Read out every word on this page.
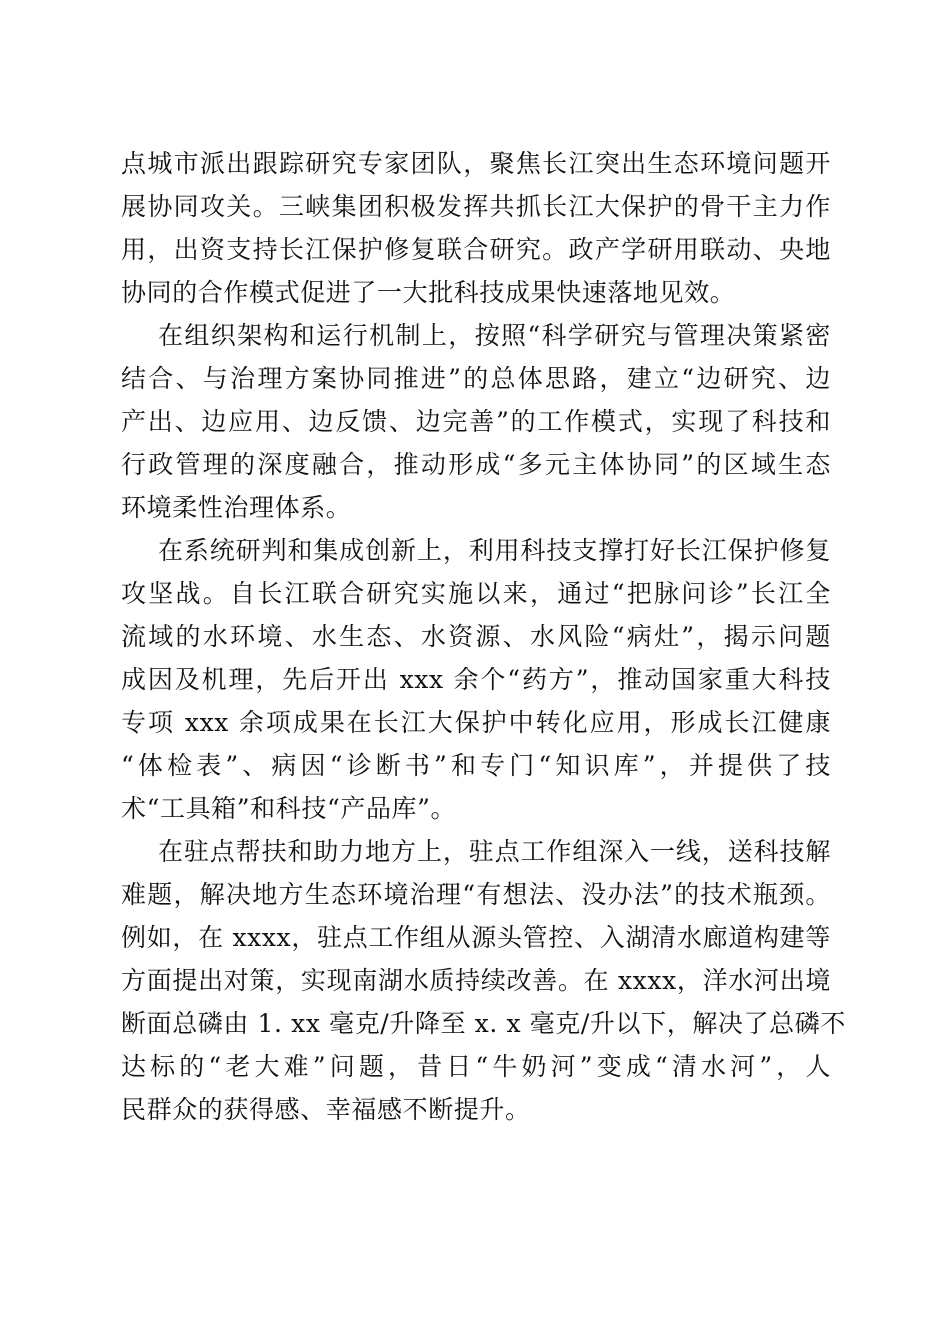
点城市派出跟踪研究专家团队，聚焦长江突出生态环境问题开
展协同攻关。三峡集团积极发挥共抓长江大保护的骨干主力作
用，出资支持长江保护修复联合研究。政产学研用联动、央地
协同的合作模式促进了一大批科技成果快速落地见效。
在组织架构和运行机制上，按照“科学研究与管理决策紧密
结合、与治理方案协同推进”的总体思路，建立“边研究、边
产出、边应用、边反馈、边完善”的工作模式，实现了科技和
行政管理的深度融合，推动形成“多元主体协同”的区域生态
环境柔性治理体系。
在系统研判和集成创新上，利用科技支撑打好长江保护修复
攻坚战。自长江联合研究实施以来，通过“把脉问诊”长江全
流域的水环境、水生态、水资源、水风险“病灶”，揭示问题
成因及机理，先后开出 xxx 余个“药方”，推动国家重大科技
专项 xxx 余项成果在长江大保护中转化应用，形成长江健康
“体检表”、病因“诊断书”和专门“知识库”，并提供了技
术“工具箱”和科技“产品库”。
在驻点帮扶和助力地方上，驻点工作组深入一线，送科技解
难题，解决地方生态环境治理“有想法、没办法”的技术瓶颈。
例如，在 xxxx，驻点工作组从源头管控、入湖清水廊道构建等
方面提出对策，实现南湖水质持续改善。在 xxxx，洋水河出境
断面总磷由 1. xx 毫克/升降至 x. x 毫克/升以下，解决了总磷不
达标的“老大难”问题，昔日“牛奶河”变成“清水河”，人
民群众的获得感、幸福感不断提升。
